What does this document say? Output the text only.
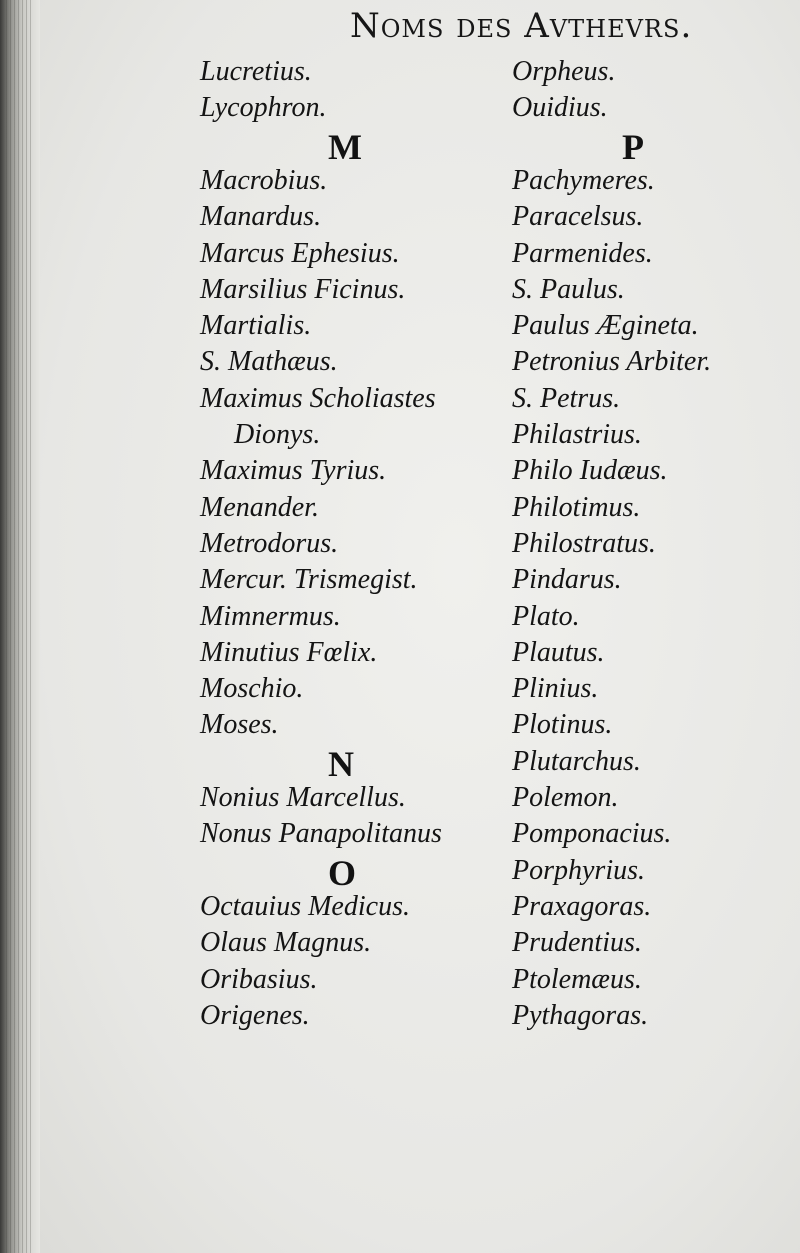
Noms des Avthevrs.
Lucretius.
Lycophron.
M
Macrobius.
Manardus.
Marcus Ephesius.
Marsilius Ficinus.
Martialis.
S. Mathæus.
Maximus Scholiastes
Dionys.
Maximus Tyrius.
Menander.
Metrodorus.
Mercur. Trismegist.
Mimnermus.
Minutius Fœlix.
Moschio.
Moses.
N
Nonius Marcellus.
Nonus Panapolitanus
O
Octauius Medicus.
Olaus Magnus.
Oribasius.
Origenes.
Orpheus.
Ouidius.
P
Pachymeres.
Paracelsus.
Parmenides.
S. Paulus.
Paulus Ægineta.
Petronius Arbiter.
S. Petrus.
Philastrius.
Philo Iudæus.
Philotimus.
Philostratus.
Pindarus.
Plato.
Plautus.
Plinius.
Plotinus.
Plutarchus.
Polemon.
Pomponacius.
Porphyrius.
Praxagoras.
Prudentius.
Ptolemæus.
Pythagoras.
